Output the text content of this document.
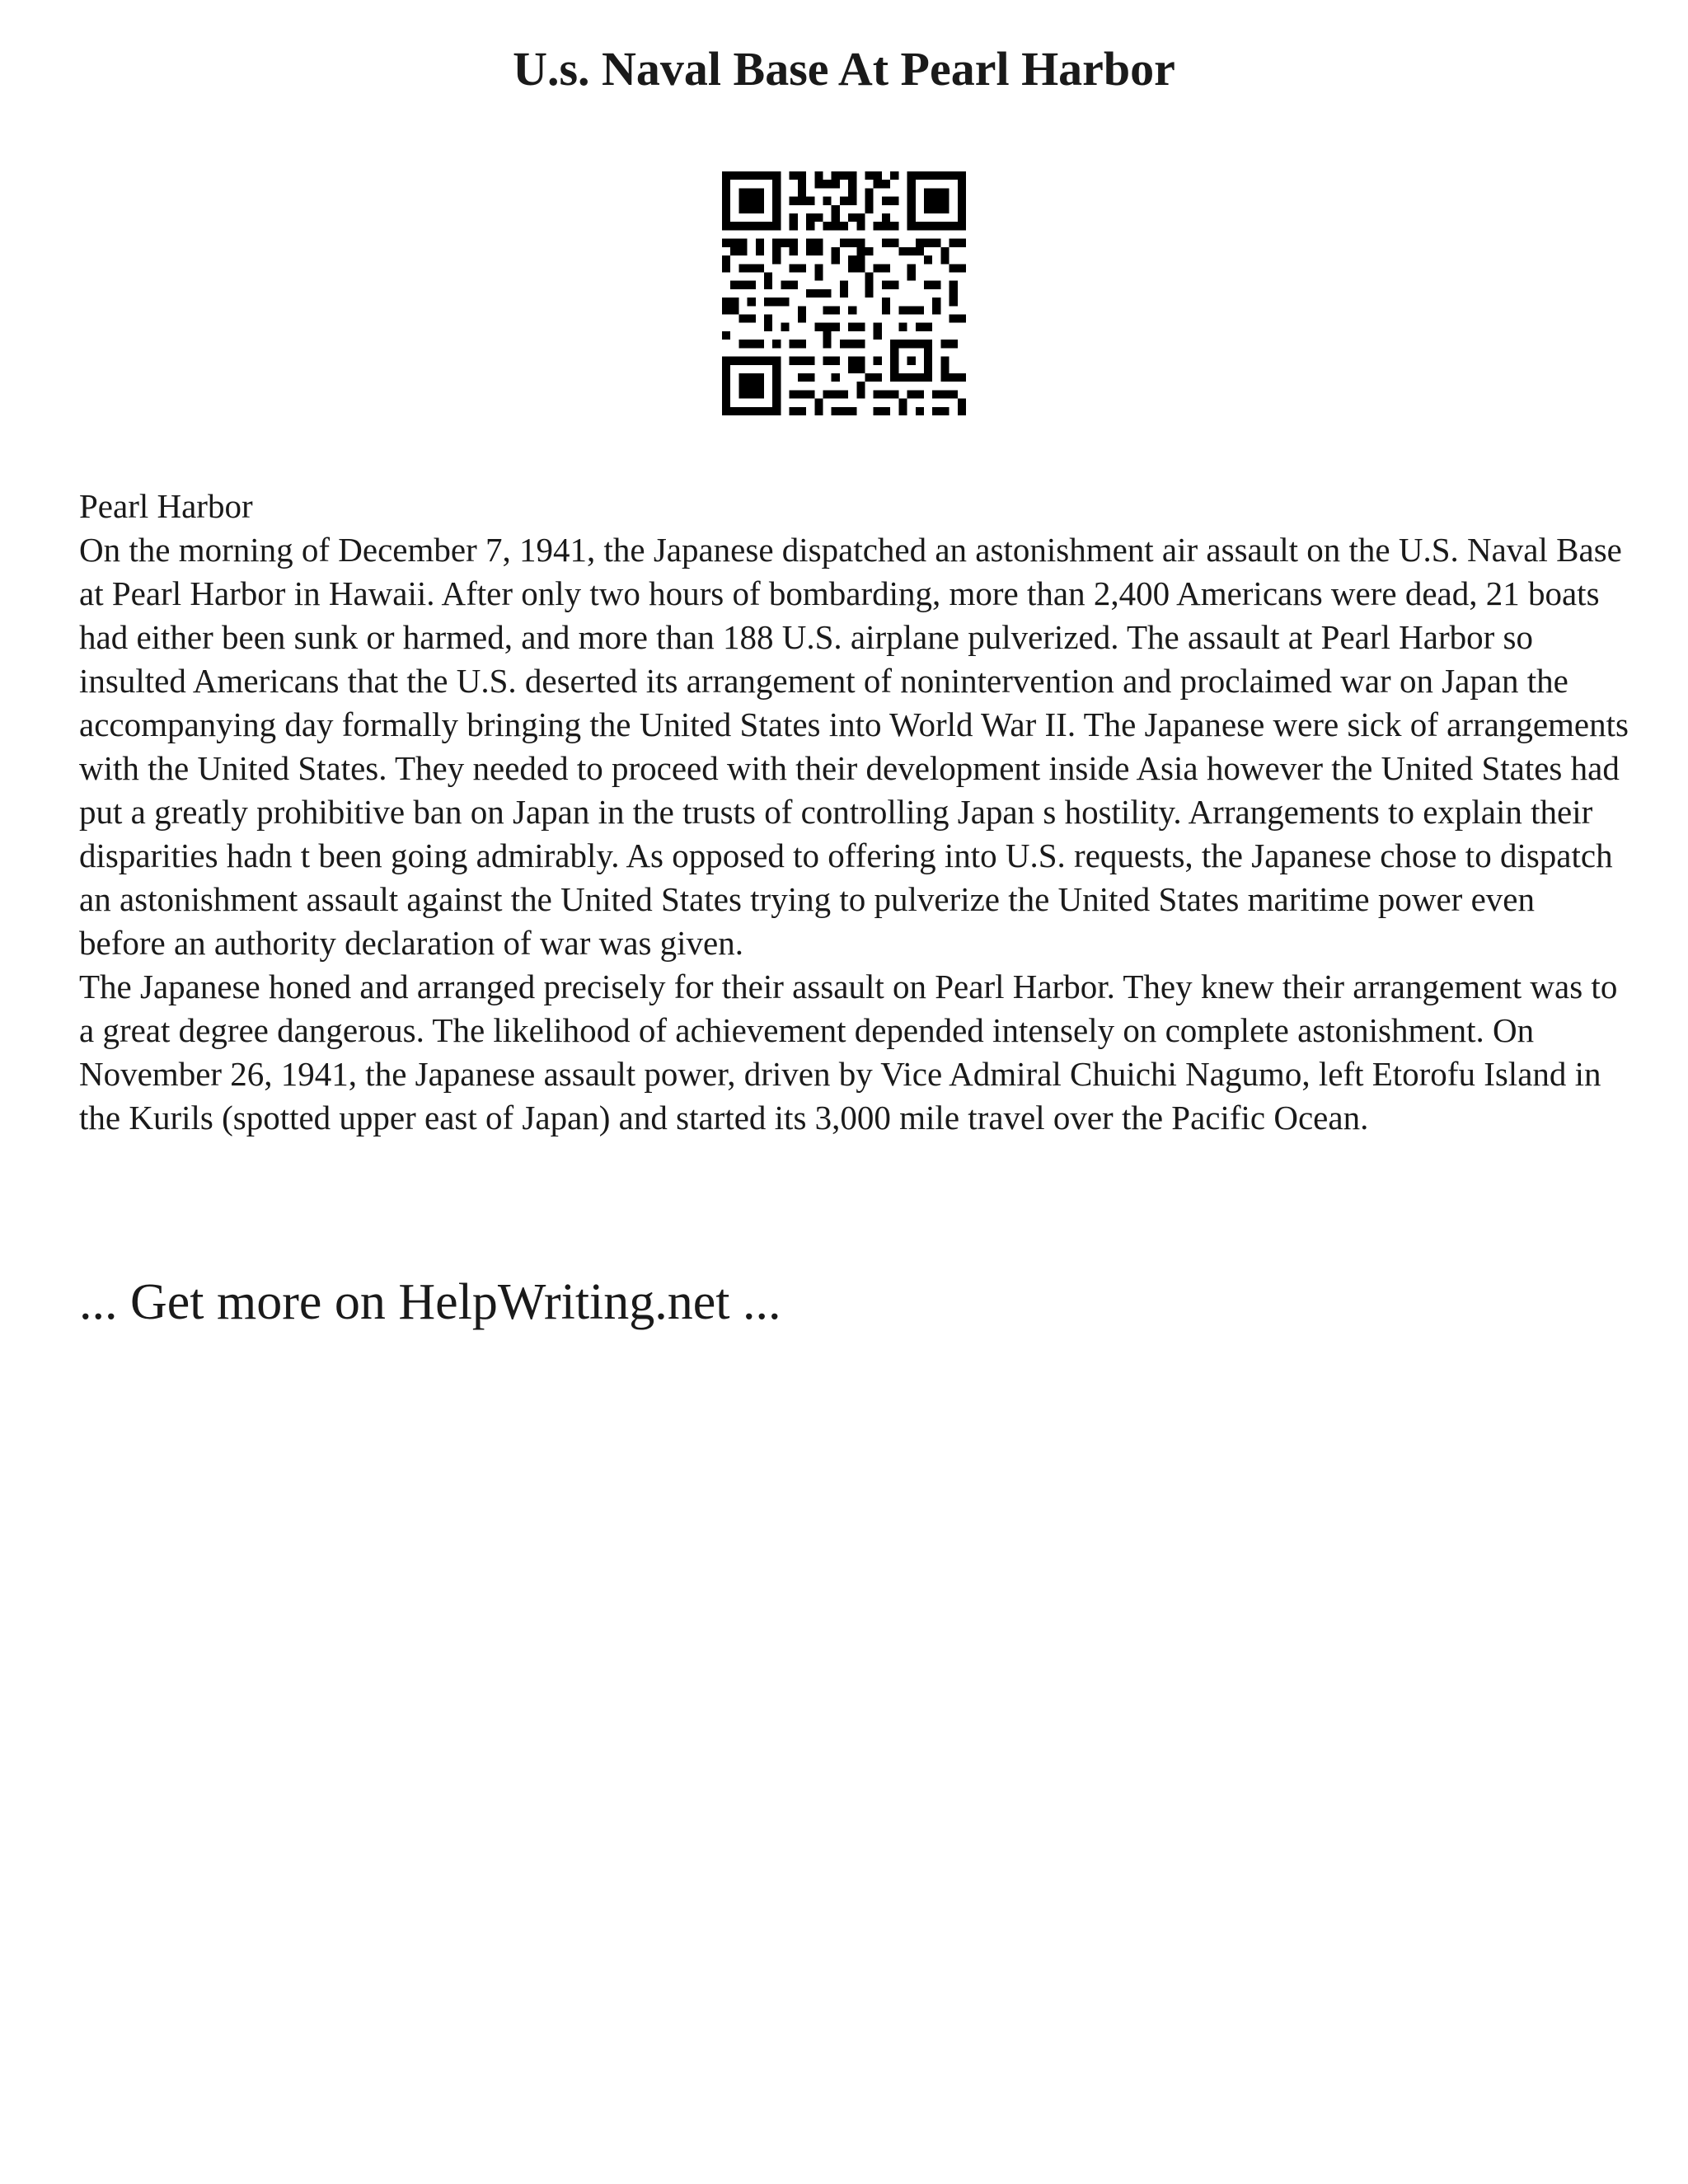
U.s. Naval Base At Pearl Harbor

Pearl Harbor

On the morning of December 7, 1941, the Japanese dispatched an astonishment air assault on the U.S. Naval Base at Pearl Harbor in Hawaii. After only two hours of bombarding, more than 2,400 Americans were dead, 21 boats had either been sunk or harmed, and more than 188 U.S. airplane pulverized. The assault at Pearl Harbor so insulted Americans that the U.S. deserted its arrangement of nonintervention and proclaimed war on Japan the accompanying day formally bringing the United States into World War II. The Japanese were sick of arrangements with the United States. They needed to proceed with their development inside Asia however the United States had put a greatly prohibitive ban on Japan in the trusts of controlling Japan s hostility. Arrangements to explain their disparities hadn t been going admirably. As opposed to offering into U.S. requests, the Japanese chose to dispatch an astonishment assault against the United States trying to pulverize the United States maritime power even before an authority declaration of war was given.

The Japanese honed and arranged precisely for their assault on Pearl Harbor. They knew their arrangement was to a great degree dangerous. The likelihood of achievement depended intensely on complete astonishment. On November 26, 1941, the Japanese assault power, driven by Vice Admiral Chuichi Nagumo, left Etorofu Island in the Kurils (spotted upper east of Japan) and started its 3,000 mile travel over the Pacific Ocean.

... Get more on HelpWriting.net ...
